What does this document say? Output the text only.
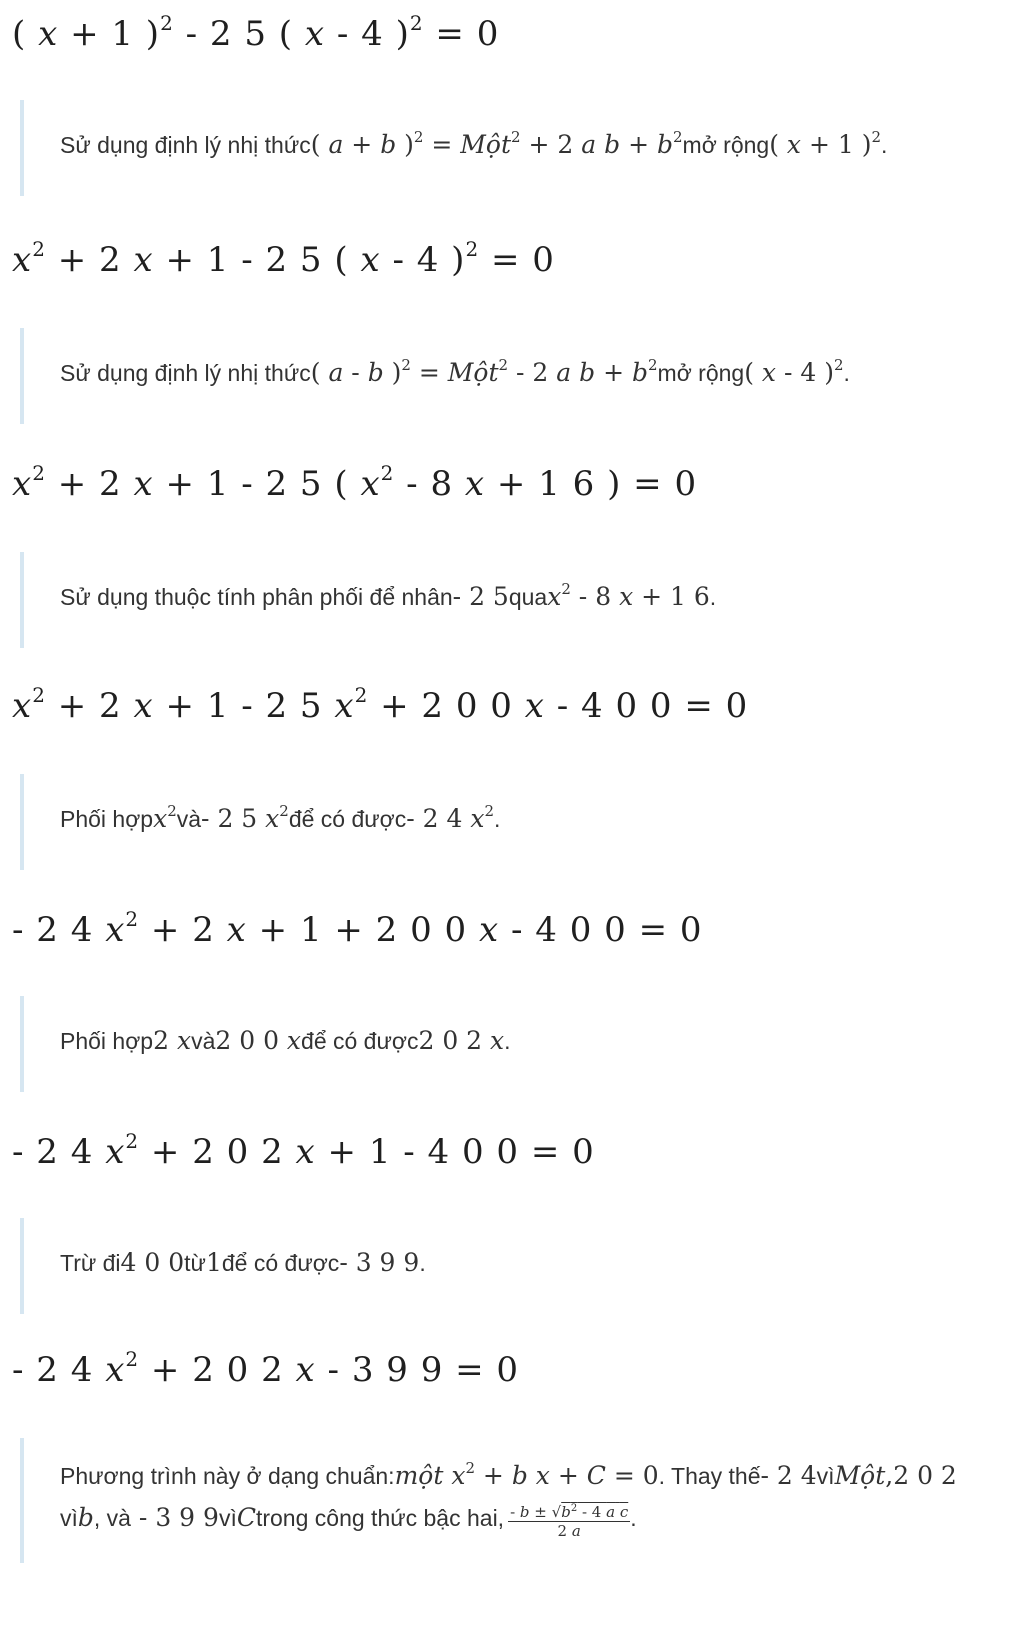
( x + 1 )$^2$ - 2 5 ( x - 4 )$^2$ = 0
Sử dụng định lý nhị thức( a + b )$^2$ = Một$^2$ + 2 a $b + b^2mở$ rộng( x + 1 )$^2$.
$x^2 + 2$ x + 1 - 2 5 ( x - 4 )$^2$ = 0
Sử dụng định lý nhị thức( a - b )$^2$ = Một$^2$ - 2 a $b + b^2mở$ rộng( x - 4 )$^2$.
$x^2 + 2$ x + 1 - 2 5 ( $x^2 - 8$ x + 1 6 ) = 0
Sử dụng thuộc tính phân phối để nhân- 2 5quax$^2$ - 8 x + 1 6.
$x^2 + 2$ x + 1 - 2 5 $x^2 + 2$ 0 0 x - 4 0 0 = 0
Phối hợpx$^2$và- 2 5 $x^2để$ có được- 2 4 $x^2$.
- 2 4 $x^2 + 2$ x + 1 + 2 0 0 x - 4 0 0 = 0
Phối hợp2 xvà2 0 0 xđể có được2 0 2 x.
- 2 4 $x^2 + 2$ 0 2 x + 1 - 4 0 0 = 0
Trừ đi4 0 0từ1để có được- 3 9 9.
- 2 4 $x^2 + 2$ 0 2 x - 3 9 9 = 0
Phương trình này ở dạng chuẩn:một $x^2 + b$ x + C = 0. Thay thế- 2 4vìMột,2 0 2
vìb, và - 3 9 9vìCtrong công thức bậc hai, $\frac{- b \pm √b^2 - 4 a c}{2 a}$ .
